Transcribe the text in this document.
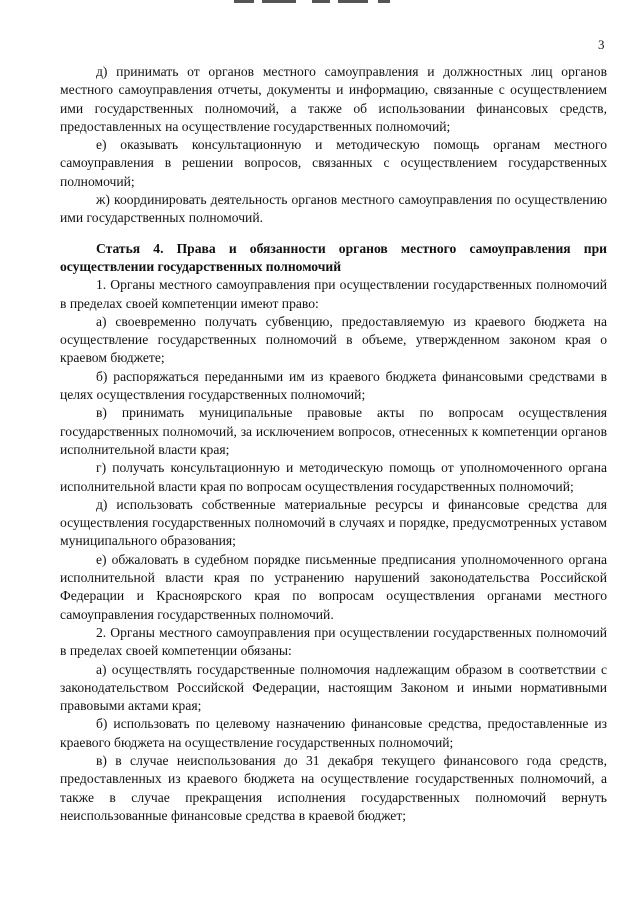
3

д) принимать от органов местного самоуправления и должностных лиц органов местного самоуправления отчеты, документы и информацию, связанные с осуществлением ими государственных полномочий, а также об использовании финансовых средств, предоставленных на осуществление государственных полномочий;

е) оказывать консультационную и методическую помощь органам местного самоуправления в решении вопросов, связанных с осуществлением государственных полномочий;

ж) координировать деятельность органов местного самоуправления по осуществлению ими государственных полномочий.

Статья 4. Права и обязанности органов местного самоуправления при осуществлении государственных полномочий

1. Органы местного самоуправления при осуществлении государственных полномочий в пределах своей компетенции имеют право:

а) своевременно получать субвенцию, предоставляемую из краевого бюджета на осуществление государственных полномочий в объеме, утвержденном законом края о краевом бюджете;

б) распоряжаться переданными им из краевого бюджета финансовыми средствами в целях осуществления государственных полномочий;

в) принимать муниципальные правовые акты по вопросам осуществления государственных полномочий, за исключением вопросов, отнесенных к компетенции органов исполнительной власти края;

г) получать консультационную и методическую помощь от уполномоченного органа исполнительной власти края по вопросам осуществления государственных полномочий;

д) использовать собственные материальные ресурсы и финансовые средства для осуществления государственных полномочий в случаях и порядке, предусмотренных уставом муниципального образования;

е) обжаловать в судебном порядке письменные предписания уполномоченного органа исполнительной власти края по устранению нарушений законодательства Российской Федерации и Красноярского края по вопросам осуществления органами местного самоуправления государственных полномочий.

2. Органы местного самоуправления при осуществлении государственных полномочий в пределах своей компетенции обязаны:

а) осуществлять государственные полномочия надлежащим образом в соответствии с законодательством Российской Федерации, настоящим Законом и иными нормативными правовыми актами края;

б) использовать по целевому назначению финансовые средства, предоставленные из краевого бюджета на осуществление государственных полномочий;

в) в случае неиспользования до 31 декабря текущего финансового года средств, предоставленных из краевого бюджета на осуществление государственных полномочий, а также в случае прекращения исполнения государственных полномочий вернуть неиспользованные финансовые средства в краевой бюджет;
